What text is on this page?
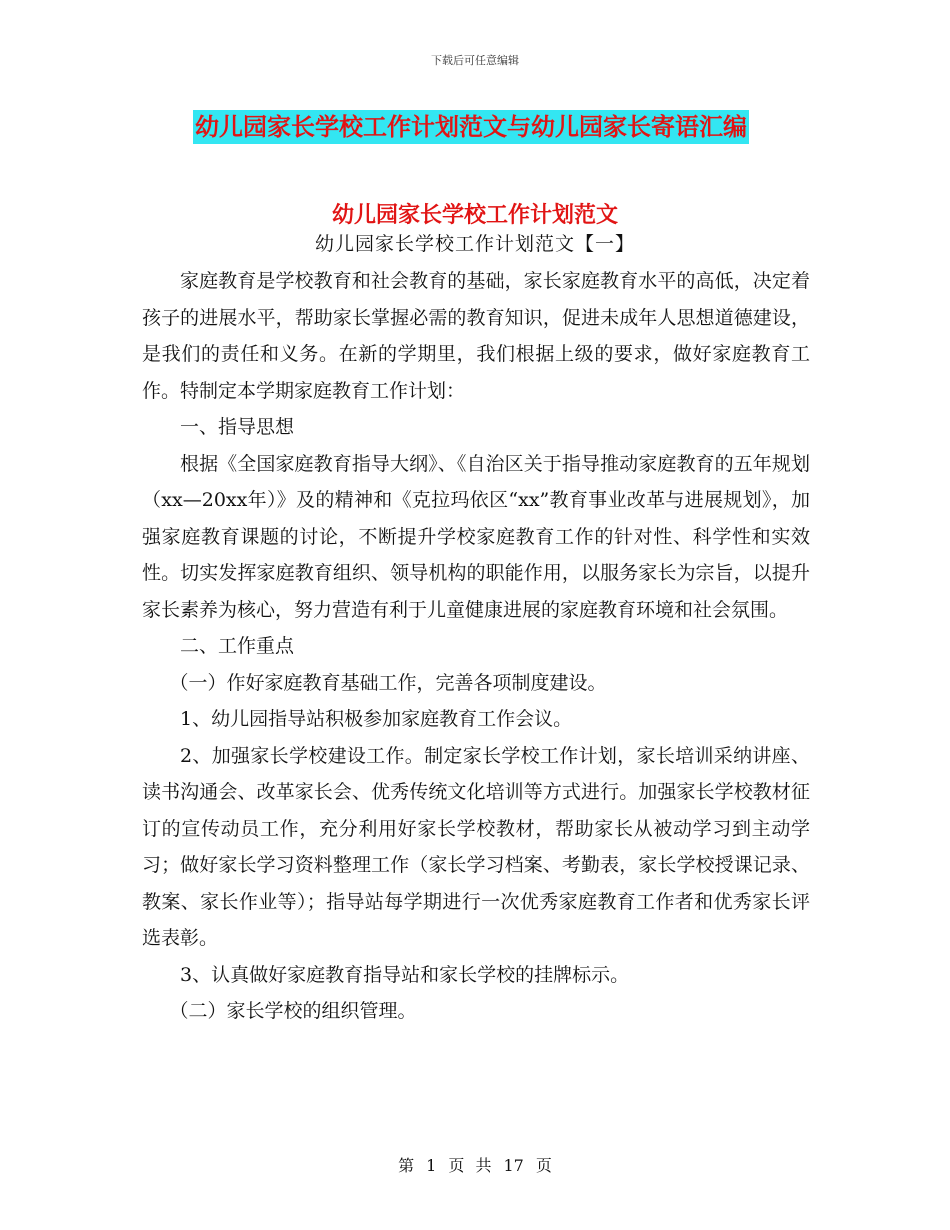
下载后可任意编辑
幼儿园家长学校工作计划范文与幼儿园家长寄语汇编
幼儿园家长学校工作计划范文
幼儿园家长学校工作计划范文【一】

家庭教育是学校教育和社会教育的基础，家长家庭教育水平的高低，决定着孩子的进展水平，帮助家长掌握必需的教育知识，促进未成年人思想道德建设，是我们的责任和义务。在新的学期里，我们根据上级的要求，做好家庭教育工作。特制定本学期家庭教育工作计划：

一、指导思想

根据《全国家庭教育指导大纲》、《自治区关于指导推动家庭教育的五年规划（xx—20xx年）》及的精神和《克拉玛依区“xx”教育事业改革与进展规划》，加强家庭教育课题的讨论，不断提升学校家庭教育工作的针对性、科学性和实效性。切实发挥家庭教育组织、领导机构的职能作用，以服务家长为宗旨，以提升家长素养为核心，努力营造有利于儿童健康进展的家庭教育环境和社会氛围。

二、工作重点

（一）作好家庭教育基础工作，完善各项制度建设。

1、幼儿园指导站积极参加家庭教育工作会议。

2、加强家长学校建设工作。制定家长学校工作计划，家长培训采纳讲座、读书沟通会、改革家长会、优秀传统文化培训等方式进行。加强家长学校教材征订的宣传动员工作，充分利用好家长学校教材，帮助家长从被动学习到主动学习；做好家长学习资料整理工作（家长学习档案、考勤表，家长学校授课记录、教案、家长作业等）；指导站每学期进行一次优秀家庭教育工作者和优秀家长评选表彰。

3、认真做好家庭教育指导站和家长学校的挂牌标示。

（二）家长学校的组织管理。

第 1 页 共 17 页
